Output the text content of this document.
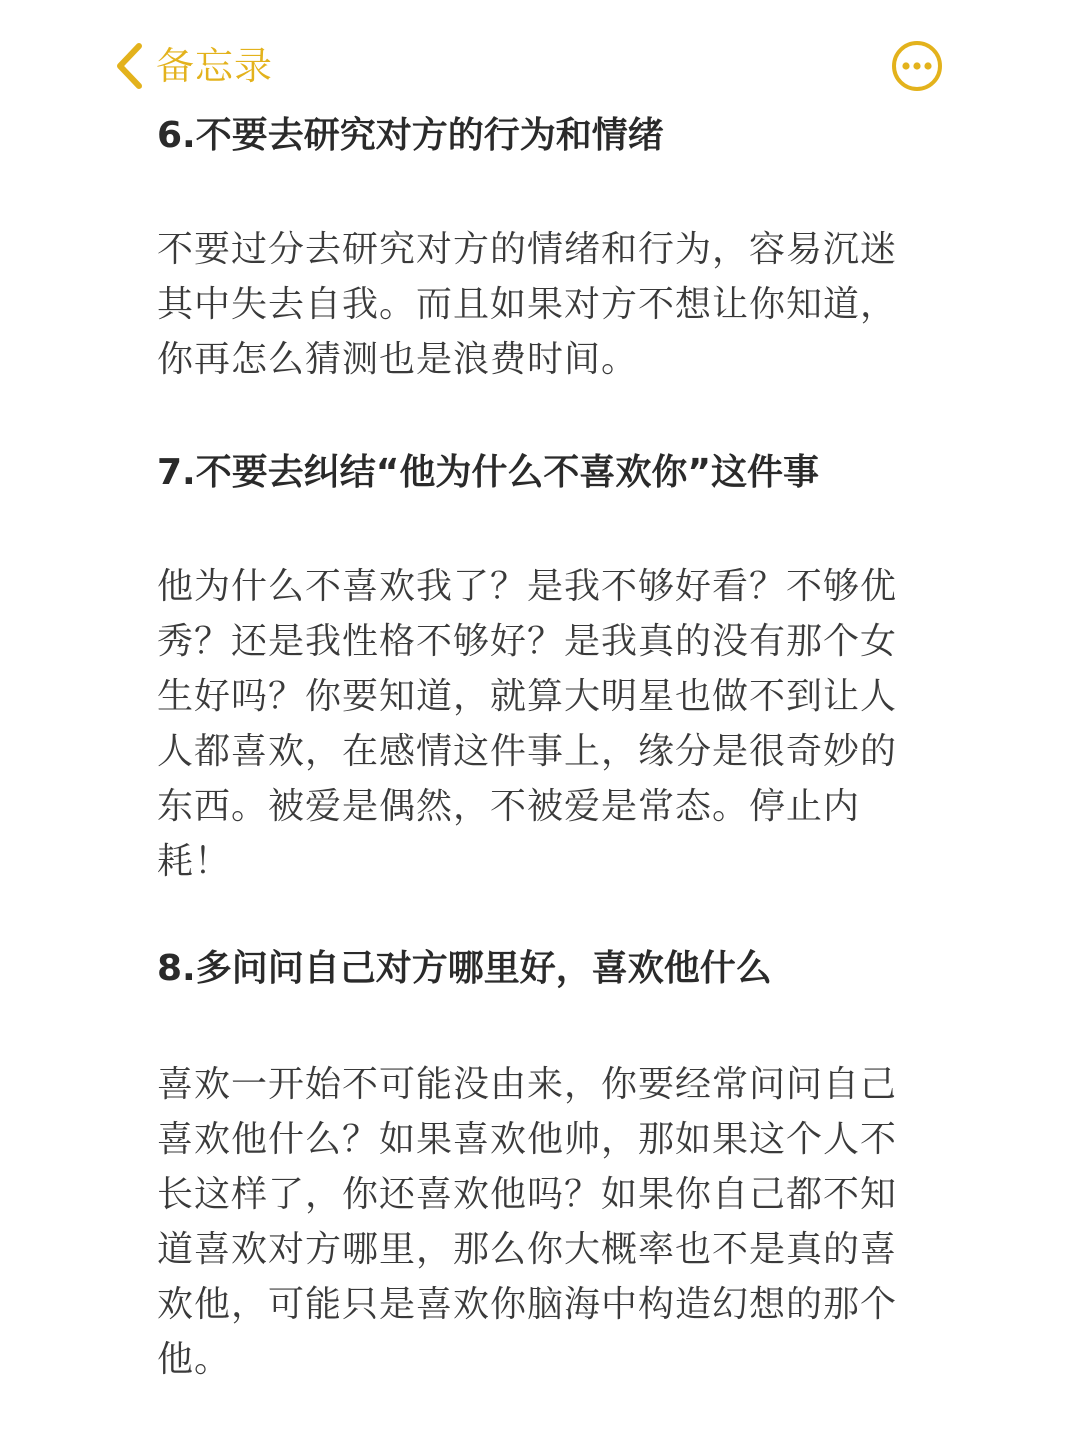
备忘录

6.不要去研究对方的行为和情绪

不要过分去研究对方的情绪和行为，容易沉迷其中失去自我。而且如果对方不想让你知道，你再怎么猜测也是浪费时间。

7.不要去纠结“他为什么不喜欢你”这件事

他为什么不喜欢我了？是我不够好看？不够优秀？还是我性格不够好？是我真的没有那个女生好吗？你要知道，就算大明星也做不到让人人都喜欢，在感情这件事上，缘分是很奇妙的东西。被爱是偶然，不被爱是常态。停止内耗！

8.多问问自己对方哪里好，喜欢他什么

喜欢一开始不可能没由来，你要经常问问自己喜欢他什么？如果喜欢他帅，那如果这个人不长这样了，你还喜欢他吗？如果你自己都不知道喜欢对方哪里，那么你大概率也不是真的喜欢他，可能只是喜欢你脑海中构造幻想的那个他。
